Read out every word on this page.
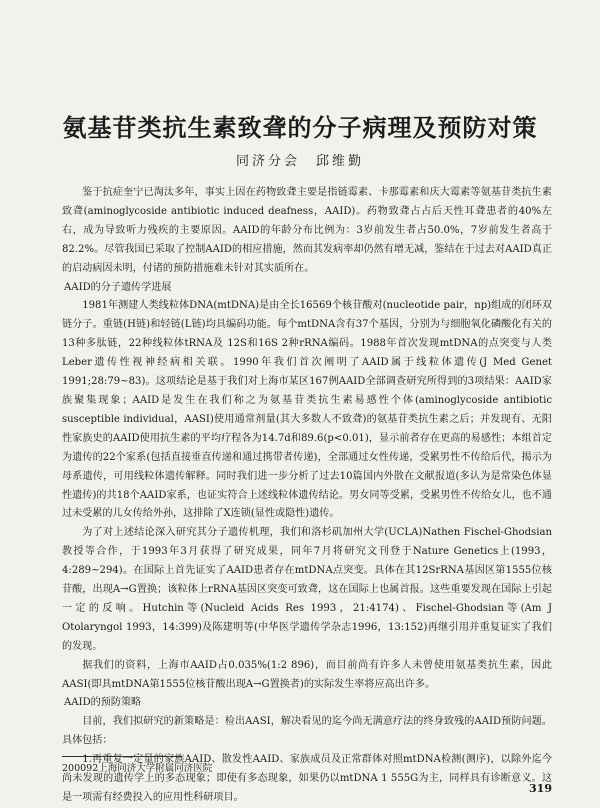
氨基苷类抗生素致聋的分子病理及预防对策
同济分会　邱维勤

鉴于抗症奎宁已淘汰多年，事实上因在药物致聋主要是指链霉素、卡那霉素和庆大霉素等氨基苷类抗生素致聋(aminoglycoside antibiotic induced deafness，AAID)。药物致聋占占后天性耳聋患者的40%左右，成为导致听力残疾的主要原因。AAID的年龄分布比例为：3岁前发生者占50.0%，7岁前发生者高于82.2%。尽管我国已采取了控制AAID的相应措施，然而其发病率却仍然有增无减，鉴结在于过去对AAID真正的启动病因未明，付诸的预防措施难未针对其实质所在。

AAID的分子遗传学进展

1981年测建人类线粒体DNA(mtDNA)是由全长16569个核苷酸对(nucleotide pair，np)组成的闭环双链分子。重链(H链)和轻链(L链)均具编码功能。每个mtDNA含有37个基因，分别为与细胞氧化磷酸化有关的13种多肽链，22种线粒体tRNA及 12S和16S 2种rRNA编码。1988年首次发现mtDNA的点突变与人类Leber遗传性视神经病相关联。1990年我们首次阐明了AAID属于线粒体遗传(J Med Genet 1991;28:79~83)。这项结论是基于我们对上海市某区167例AAID全部调查研究所得到的3项结果：AAID家族聚集现象；AAID是发生在我们称之为氨基苷类抗生素易感性个体(aminoglycoside antibiotic susceptible individual，AASI)使用通常剂量(其大多数人不致聋)的氨基苷类抗生素之后；并发现有、无阳性家族史的AAID使用抗生素的平均疗程各为14.7d和89.6(p<0.01)，显示前者存在更高的易感性；本组首定为遗传的22个家系(包括直接垂直传递和通过携带者传递)，全部通过女性传递，受累男性不传给后代，揭示为母系遗传，可用线粒体遗传解释。同时我们进一步分析了过去10篇国内外散在文献报道(多认为是常染色体显性遗传)的共18个AAID家系，也证实符合上述线粒体遗传结论。男女同等受累，受累男性不传给女儿，也不通过未受累的儿女传给外孙，这排除了X连锁(显性或隐性)遗传。

为了对上述结论深入研究其分子遗传机理，我们和洛杉矶加州大学(UCLA)Nathen Fischel-Ghodsian教授等合作，于1993年3月获得了研究成果，同年7月将研究文刊登于Nature Genetics上(1993，4:289~294)。在国际上首先证实了AAID患者存在mtDNA点突变。具体在其12SrRNA基因区第1555位核苷酸，出现A→G置换；该粒体上rRNA基因区突变可致聋，这在国际上也属首报。这些重要发现在国际上引起一定的反响。Hutchin等(Nucleid Acids Res 1993，21:4174)、Fischel-Ghodsian等(Am J Otolaryngol 1993，14:399)及陈建明等(中华医学遗传学杂志1996，13:152)再继引用并重复证实了我们的发现。

据我们的资料，上海市AAID占0.035%(1:2 896)，而目前尚有许多人未曾使用氨基类抗生素，因此AASI(即具mtDNA第1555位核苷酸出现A→G置换者)的实际发生率将应高出许多。

AAID的预防策略

目前，我们拟研究的新策略是：检出AASI，解决看见的迄今尚无满意疗法的终身致残的AAID预防问题。具体包括：

1.再重复一定量的家族AAID、散发性AAID、家族成员及正常群体对照mtDNA检测(测序)，以除外迄今尚未发现的遗传学上的多态现象；即使有多态现象，如果仍以mtDNA 1 555G为主，同样具有诊断意义。这是一项需有经费投入的应用性科研项目。

200092上海同济大学附属同济医院
319
